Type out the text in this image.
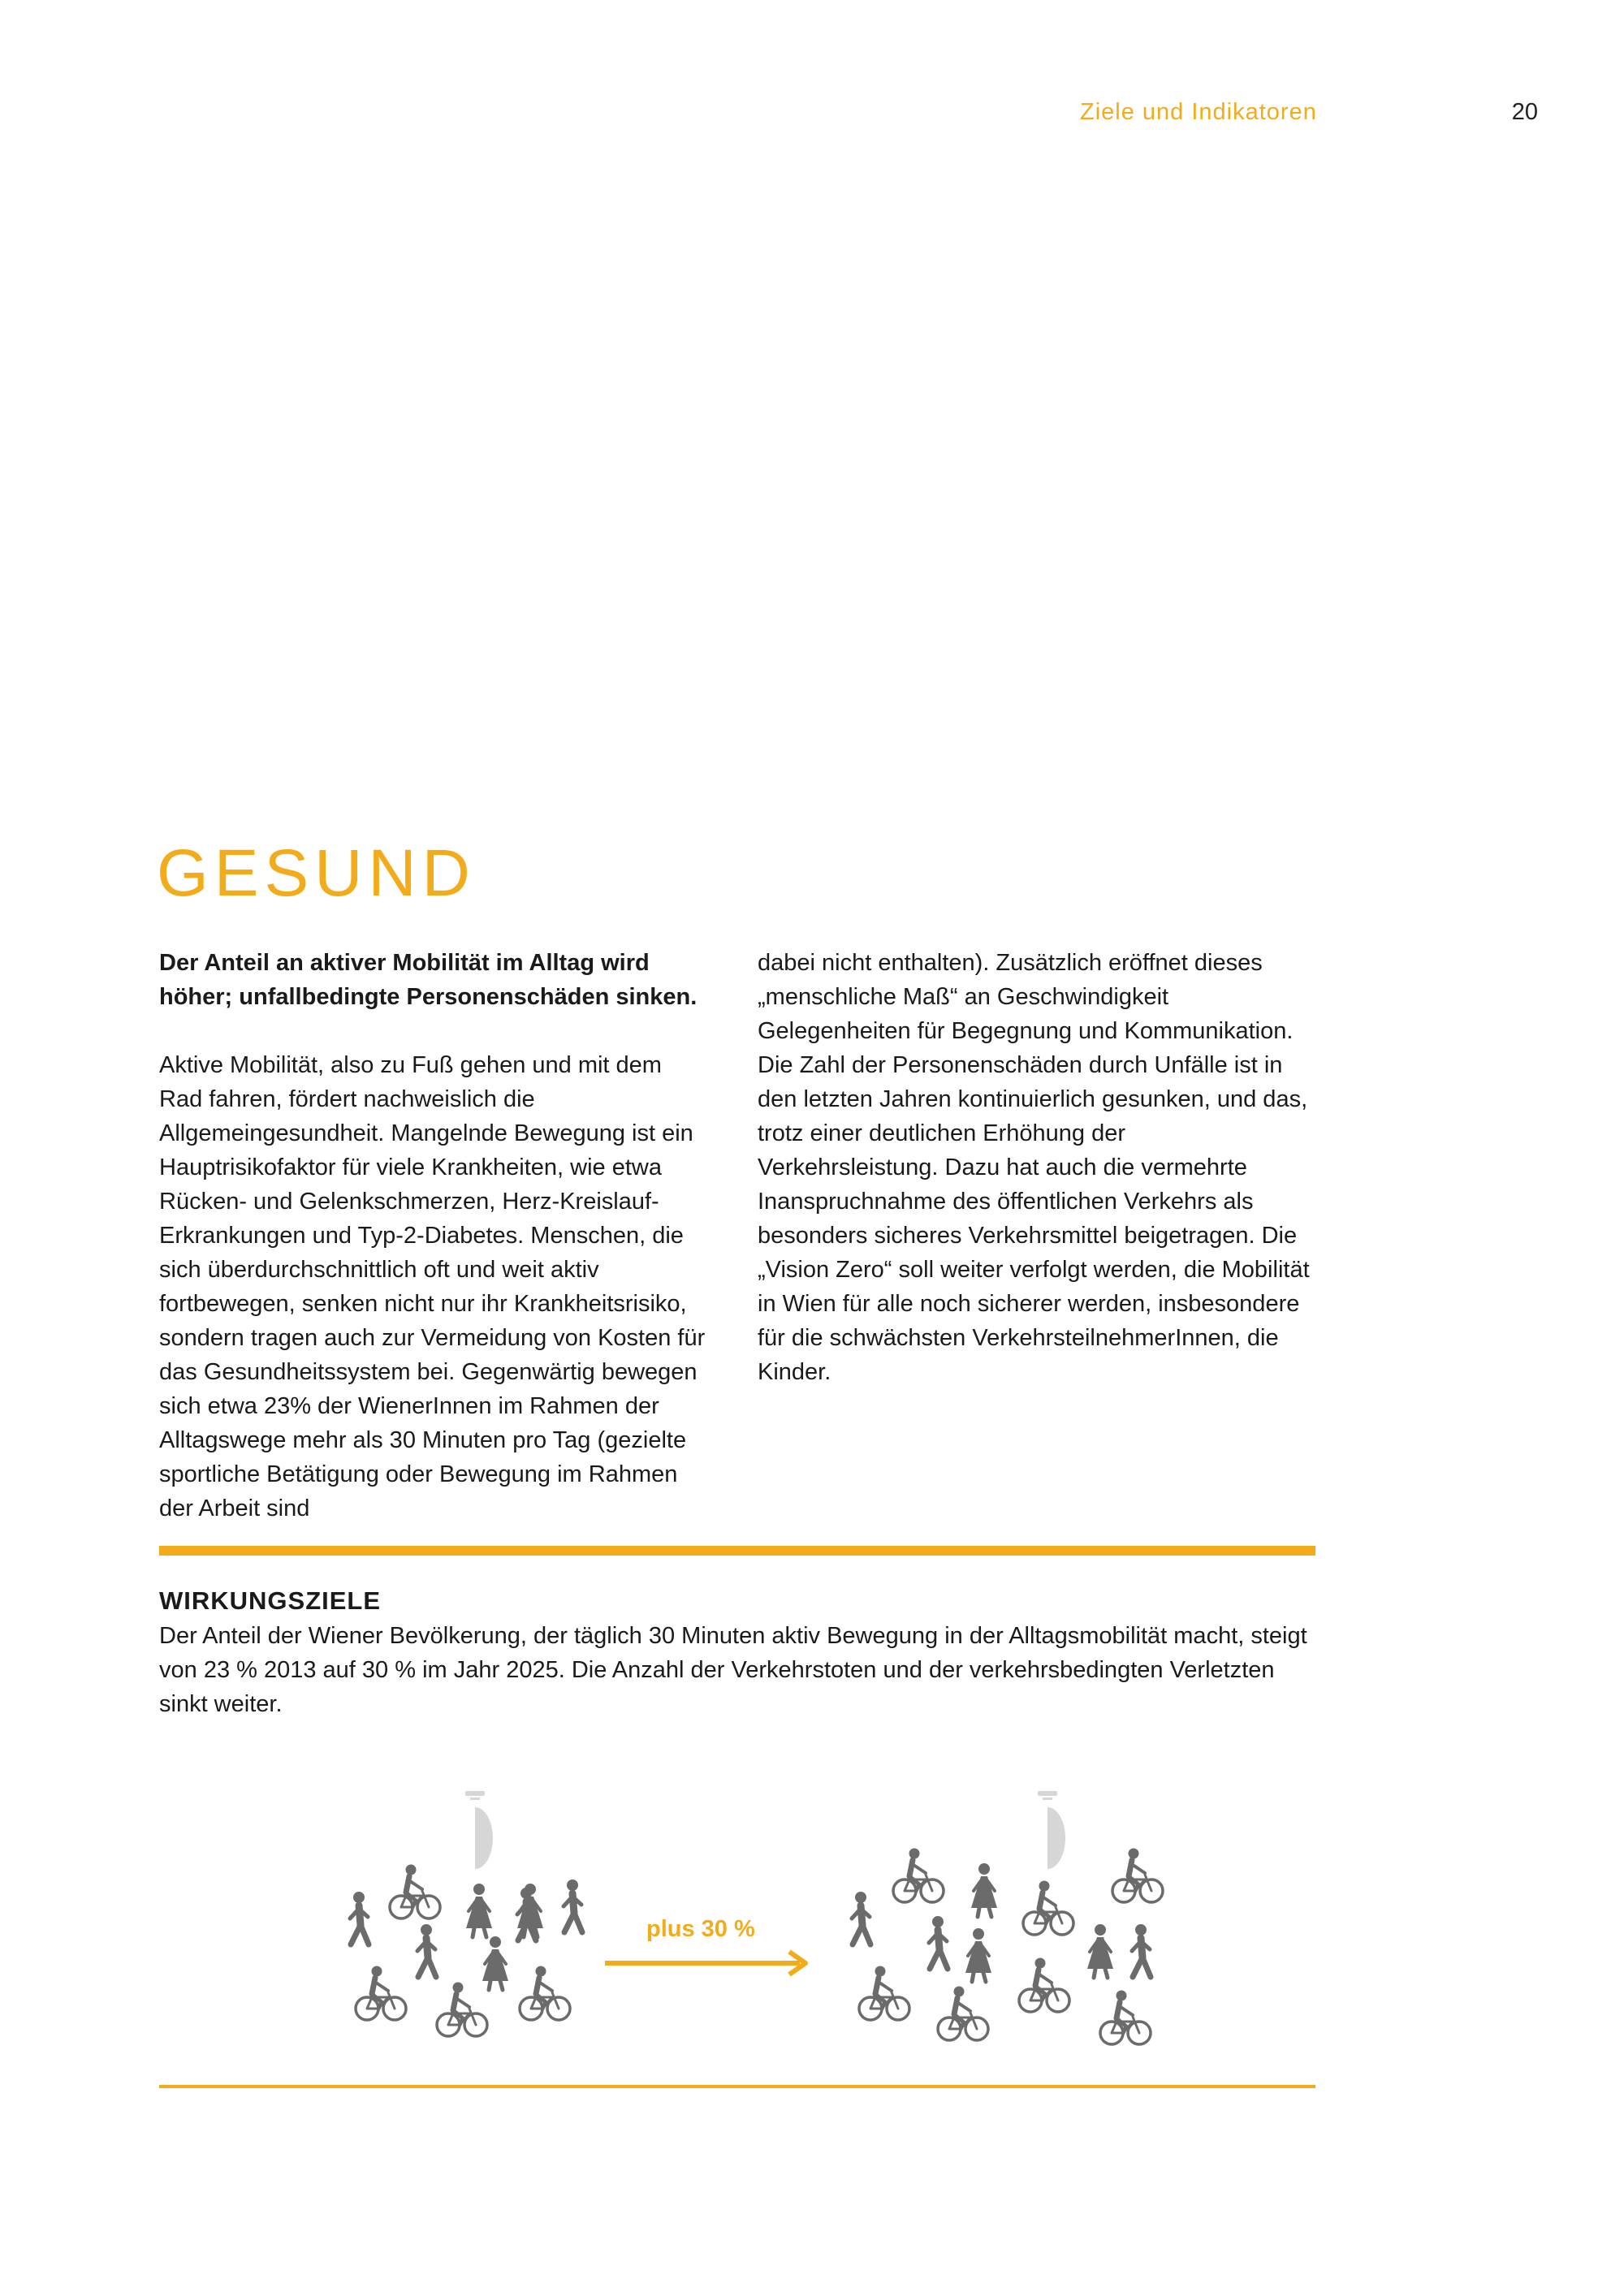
Ziele und Indikatoren	20
GESUND

Der Anteil an aktiver Mobilität im Alltag wird höher; unfallbedingte Personenschäden sinken.

Aktive Mobilität, also zu Fuß gehen und mit dem Rad fahren, fördert nachweislich die Allgemeingesundheit. Mangelnde Bewegung ist ein Hauptrisikofaktor für viele Krankheiten, wie etwa Rücken- und Gelenkschmerzen, Herz-Kreislauf-Erkrankungen und Typ-2-Diabetes. Menschen, die sich überdurchschnittlich oft und weit aktiv fortbewegen, senken nicht nur ihr Krankheitsrisiko, sondern tragen auch zur Vermeidung von Kosten für das Gesundheitssystem bei. Gegenwärtig bewegen sich etwa 23% der WienerInnen im Rahmen der Alltagswege mehr als 30 Minuten pro Tag (gezielte sportliche Betätigung oder Bewegung im Rahmen der Arbeit sind

dabei nicht enthalten). Zusätzlich eröffnet dieses „menschliche Maß“ an Geschwindigkeit Gelegenheiten für Begegnung und Kommunikation.

Die Zahl der Personenschäden durch Unfälle ist in den letzten Jahren kontinuierlich gesunken, und das, trotz einer deutlichen Erhöhung der Verkehrsleistung. Dazu hat auch die vermehrte Inanspruchnahme des öffentlichen Verkehrs als besonders sicheres Verkehrsmittel beigetragen. Die „Vision Zero“ soll weiter verfolgt werden, die Mobilität in Wien für alle noch sicherer werden, insbesondere für die schwächsten VerkehrsteilnehmerInnen, die Kinder.

WIRKUNGSZIELE
Der Anteil der Wiener Bevölkerung, der täglich 30 Minuten aktiv Bewegung in der Alltagsmobilität macht, steigt von 23 % 2013 auf 30 % im Jahr 2025. Die Anzahl der Verkehrstoten und der verkehrsbedingten Verletzten sinkt weiter.
plus 30 %
